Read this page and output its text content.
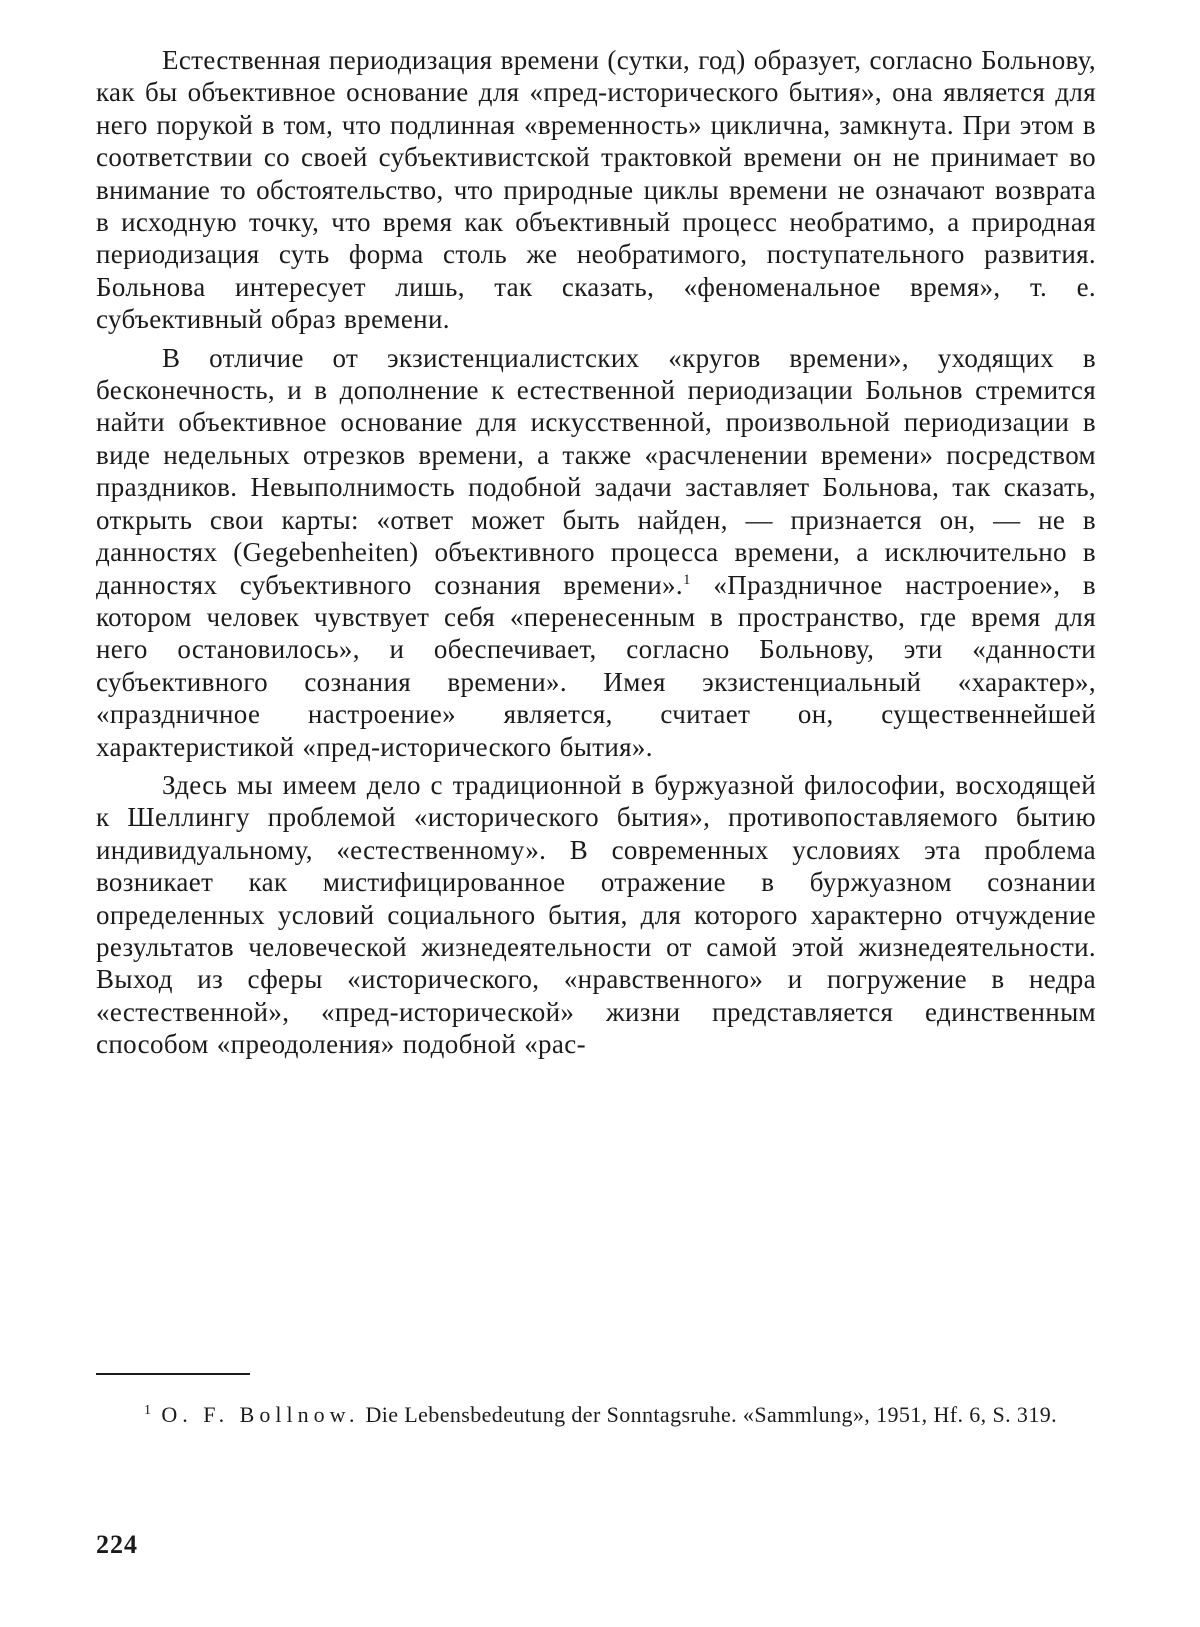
Естественная периодизация времени (сутки, год) образует, согласно Больнову, как бы объективное основание для «пред-исторического бытия», она является для него порукой в том, что подлинная «временность» циклична, замкнута. При этом в соответствии со своей субъективистской трактовкой времени он не принимает во внимание то обстоятельство, что природные циклы времени не означают возврата в исходную точку, что время как объективный процесс необратимо, а природная периодизация суть форма столь же необратимого, поступательного развития. Больнова интересует лишь, так сказать, «феноменальное время», т. е. субъективный образ времени.

В отличие от экзистенциалистских «кругов времени», уходящих в бесконечность, и в дополнение к естественной периодизации Больнов стремится найти объективное основание для искусственной, произвольной периодизации в виде недельных отрезков времени, а также «расчленении времени» посредством праздников. Невыполнимость подобной задачи заставляет Больнова, так сказать, открыть свои карты: «ответ может быть найден, — признается он, — не в данностях (Gegebenheiten) объективного процесса времени, а исключительно в данностях субъективного сознания времени».$^1$ «Праздничное настроение», в котором человек чувствует себя «перенесенным в пространство, где время для него остановилось», и обеспечивает, согласно Больнову, эти «данности субъективного сознания времени». Имея экзистенциальный «характер», «праздничное настроение» является, считает он, существеннейшей характеристикой «пред-исторического бытия».

Здесь мы имеем дело с традиционной в буржуазной философии, восходящей к Шеллингу проблемой «исторического бытия», противопоставляемого бытию индивидуальному, «естественному». В современных условиях эта проблема возникает как мистифицированное отражение в буржуазном сознании определенных условий социального бытия, для которого характерно отчуждение результатов человеческой жизнедеятельности от самой этой жизнедеятельности. Выход из сферы «исторического, «нравственного» и погружение в недра «естественной», «пред-исторической» жизни представляется единственным способом «преодоления» подобной «рас-

$^1$ O. F. Bollnow. Die Lebensbedeutung der Sonntagsruhe. «Sammlung», 1951, Hf. 6, S. 319.

224
